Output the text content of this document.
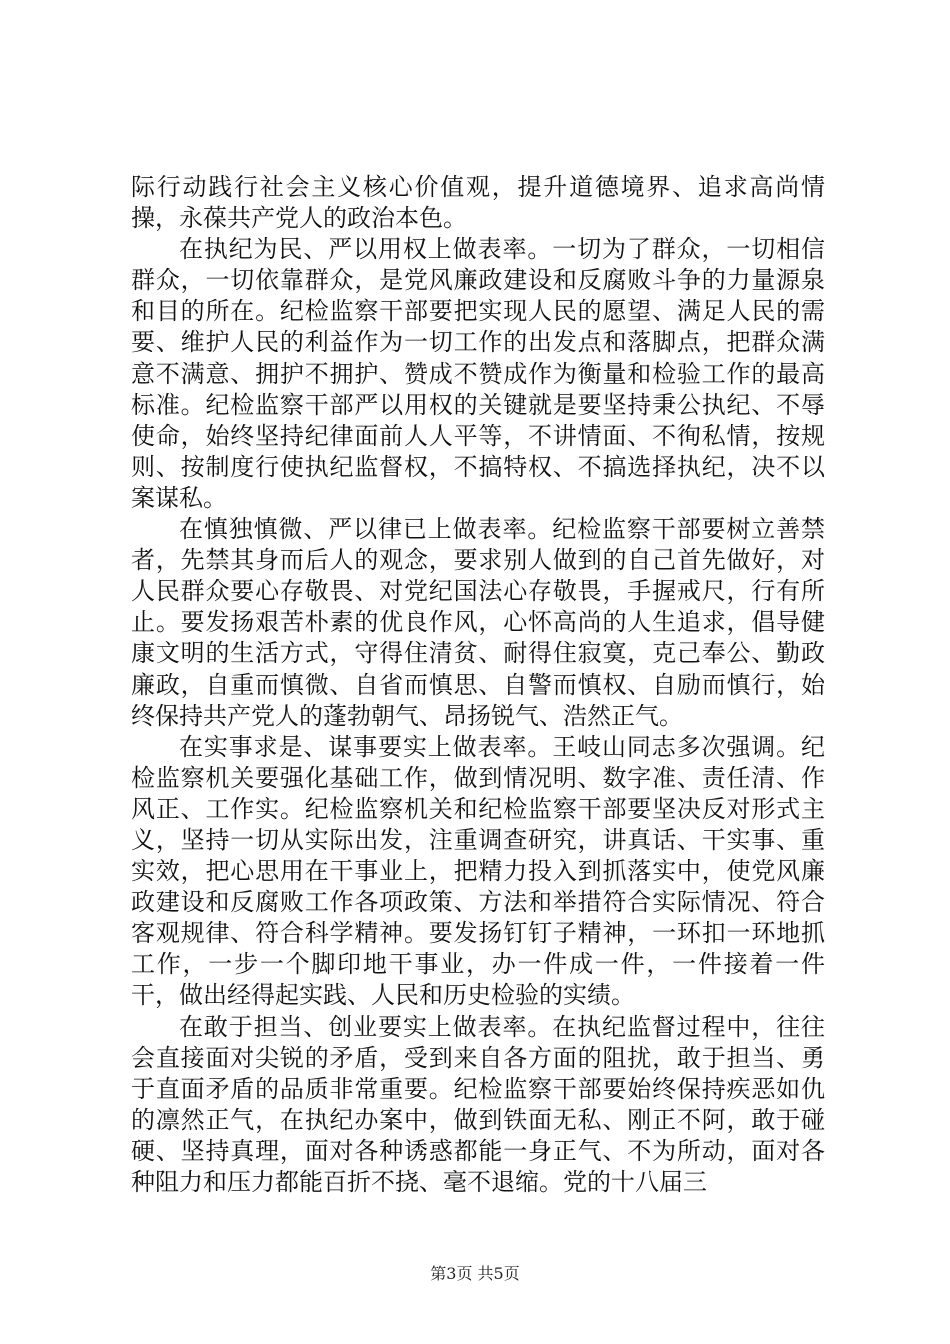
际行动践行社会主义核心价值观，提升道德境界、追求高尚情操，永葆共产党人的政治本色。

在执纪为民、严以用权上做表率。一切为了群众，一切相信群众，一切依靠群众，是党风廉政建设和反腐败斗争的力量源泉和目的所在。纪检监察干部要把实现人民的愿望、满足人民的需要、维护人民的利益作为一切工作的出发点和落脚点，把群众满意不满意、拥护不拥护、赞成不赞成作为衡量和检验工作的最高标准。纪检监察干部严以用权的关键就是要坚持秉公执纪、不辱使命，始终坚持纪律面前人人平等，不讲情面、不徇私情，按规则、按制度行使执纪监督权，不搞特权、不搞选择执纪，决不以案谋私。

在慎独慎微、严以律已上做表率。纪检监察干部要树立善禁者，先禁其身而后人的观念，要求别人做到的自己首先做好，对人民群众要心存敬畏、对党纪国法心存敬畏，手握戒尺，行有所止。要发扬艰苦朴素的优良作风，心怀高尚的人生追求，倡导健康文明的生活方式，守得住清贫、耐得住寂寞，克己奉公、勤政廉政，自重而慎微、自省而慎思、自警而慎权、自励而慎行，始终保持共产党人的蓬勃朝气、昂扬锐气、浩然正气。

在实事求是、谋事要实上做表率。王岐山同志多次强调。纪检监察机关要强化基础工作，做到情况明、数字准、责任清、作风正、工作实。纪检监察机关和纪检监察干部要坚决反对形式主义，坚持一切从实际出发，注重调查研究，讲真话、干实事、重实效，把心思用在干事业上，把精力投入到抓落实中，使党风廉政建设和反腐败工作各项政策、方法和举措符合实际情况、符合客观规律、符合科学精神。要发扬钉钉子精神，一环扣一环地抓工作，一步一个脚印地干事业，办一件成一件，一件接着一件干，做出经得起实践、人民和历史检验的实绩。

在敢于担当、创业要实上做表率。在执纪监督过程中，往往会直接面对尖锐的矛盾，受到来自各方面的阻扰，敢于担当、勇于直面矛盾的品质非常重要。纪检监察干部要始终保持疾恶如仇的凛然正气，在执纪办案中，做到铁面无私、刚正不阿，敢于碰硬、坚持真理，面对各种诱惑都能一身正气、不为所动，面对各种阻力和压力都能百折不挠、毫不退缩。党的十八届三

第3页 共5页
